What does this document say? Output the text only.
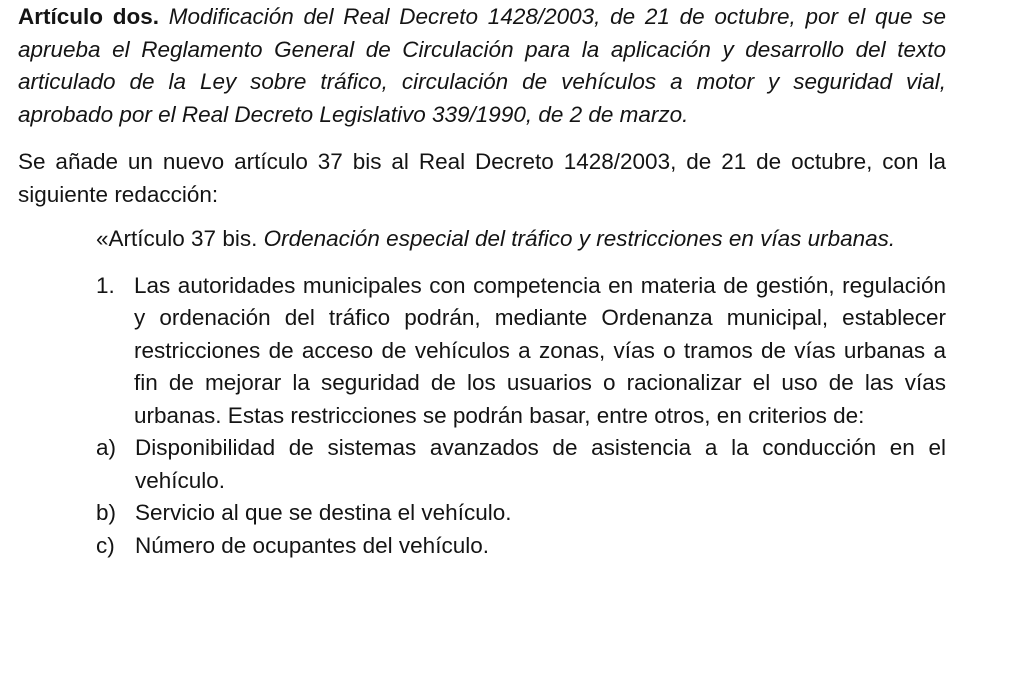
Artículo dos. Modificación del Real Decreto 1428/2003, de 21 de octubre, por el que se aprueba el Reglamento General de Circulación para la aplicación y desarrollo del texto articulado de la Ley sobre tráfico, circulación de vehículos a motor y seguridad vial, aprobado por el Real Decreto Legislativo 339/1990, de 2 de marzo.

Se añade un nuevo artículo 37 bis al Real Decreto 1428/2003, de 21 de octubre, con la siguiente redacción:

«Artículo 37 bis. Ordenación especial del tráfico y restricciones en vías urbanas.

1. Las autoridades municipales con competencia en materia de gestión, regulación y ordenación del tráfico podrán, mediante Ordenanza municipal, establecer restricciones de acceso de vehículos a zonas, vías o tramos de vías urbanas a fin de mejorar la seguridad de los usuarios o racionalizar el uso de las vías urbanas. Estas restricciones se podrán basar, entre otros, en criterios de:

a) Disponibilidad de sistemas avanzados de asistencia a la conducción en el vehículo.

b) Servicio al que se destina el vehículo.

c) Número de ocupantes del vehículo.
